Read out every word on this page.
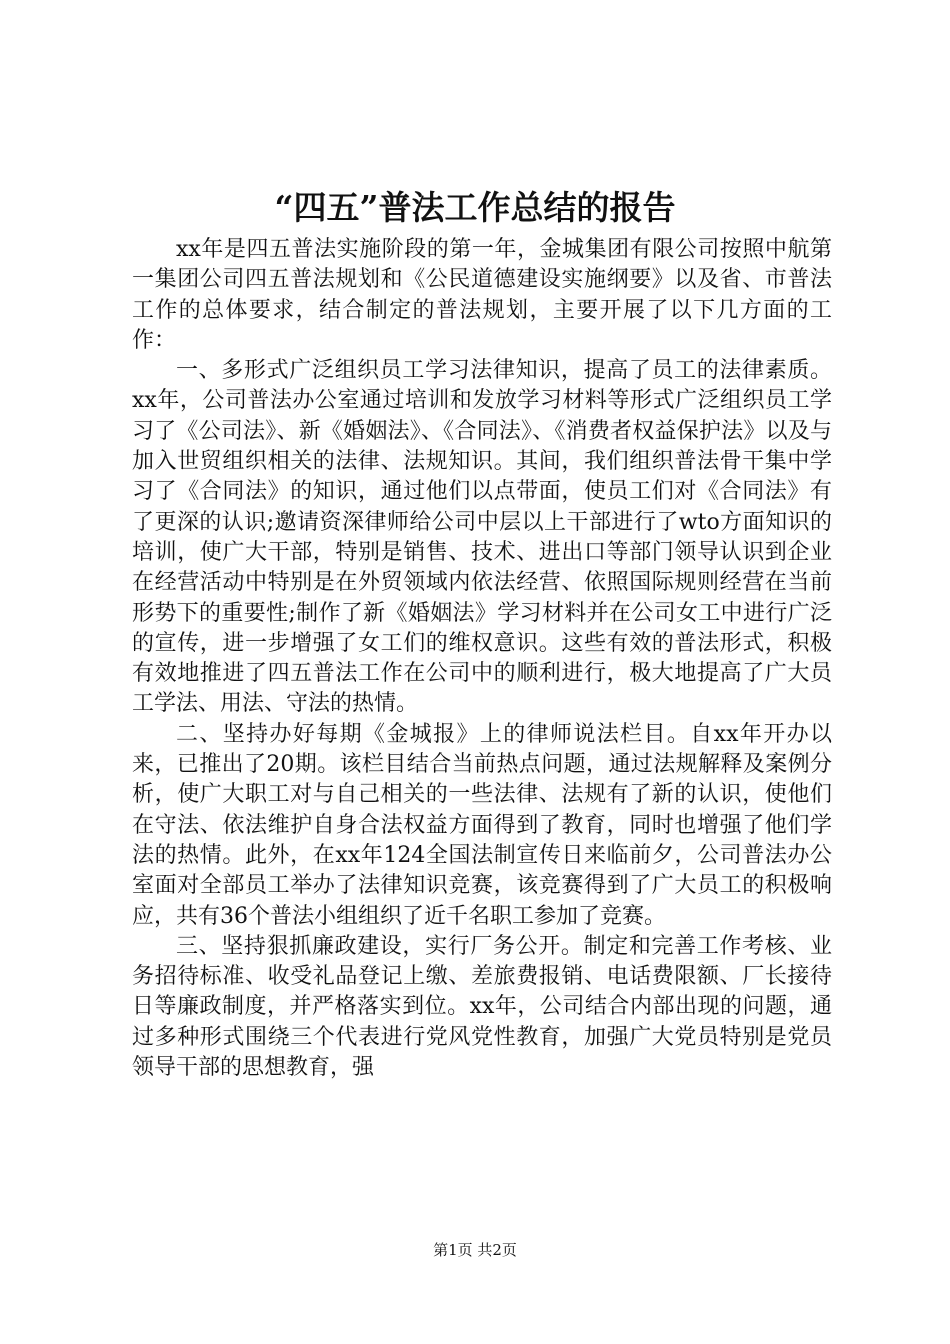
“四五”普法工作总结的报告

xx年是四五普法实施阶段的第一年，金城集团有限公司按照中航第一集团公司四五普法规划和《公民道德建设实施纲要》以及省、市普法工作的总体要求，结合制定的普法规划，主要开展了以下几方面的工作：

一、多形式广泛组织员工学习法律知识，提高了员工的法律素质。xx年，公司普法办公室通过培训和发放学习材料等形式广泛组织员工学习了《公司法》、新《婚姻法》、《合同法》、《消费者权益保护法》以及与加入世贸组织相关的法律、法规知识。其间，我们组织普法骨干集中学习了《合同法》的知识，通过他们以点带面，使员工们对《合同法》有了更深的认识;邀请资深律师给公司中层以上干部进行了wto方面知识的培训，使广大干部，特别是销售、技术、进出口等部门领导认识到企业在经营活动中特别是在外贸领域内依法经营、依照国际规则经营在当前形势下的重要性;制作了新《婚姻法》学习材料并在公司女工中进行广泛的宣传，进一步增强了女工们的维权意识。这些有效的普法形式，积极有效地推进了四五普法工作在公司中的顺利进行，极大地提高了广大员工学法、用法、守法的热情。

二、坚持办好每期《金城报》上的律师说法栏目。自xx年开办以来，已推出了20期。该栏目结合当前热点问题，通过法规解释及案例分析，使广大职工对与自己相关的一些法律、法规有了新的认识，使他们在守法、依法维护自身合法权益方面得到了教育，同时也增强了他们学法的热情。此外，在xx年124全国法制宣传日来临前夕，公司普法办公室面对全部员工举办了法律知识竞赛，该竞赛得到了广大员工的积极响应，共有36个普法小组组织了近千名职工参加了竞赛。

三、坚持狠抓廉政建设，实行厂务公开。制定和完善工作考核、业务招待标准、收受礼品登记上缴、差旅费报销、电话费限额、厂长接待日等廉政制度，并严格落实到位。xx年，公司结合内部出现的问题，通过多种形式围绕三个代表进行党风党性教育，加强广大党员特别是党员领导干部的思想教育，强

第1页 共2页
